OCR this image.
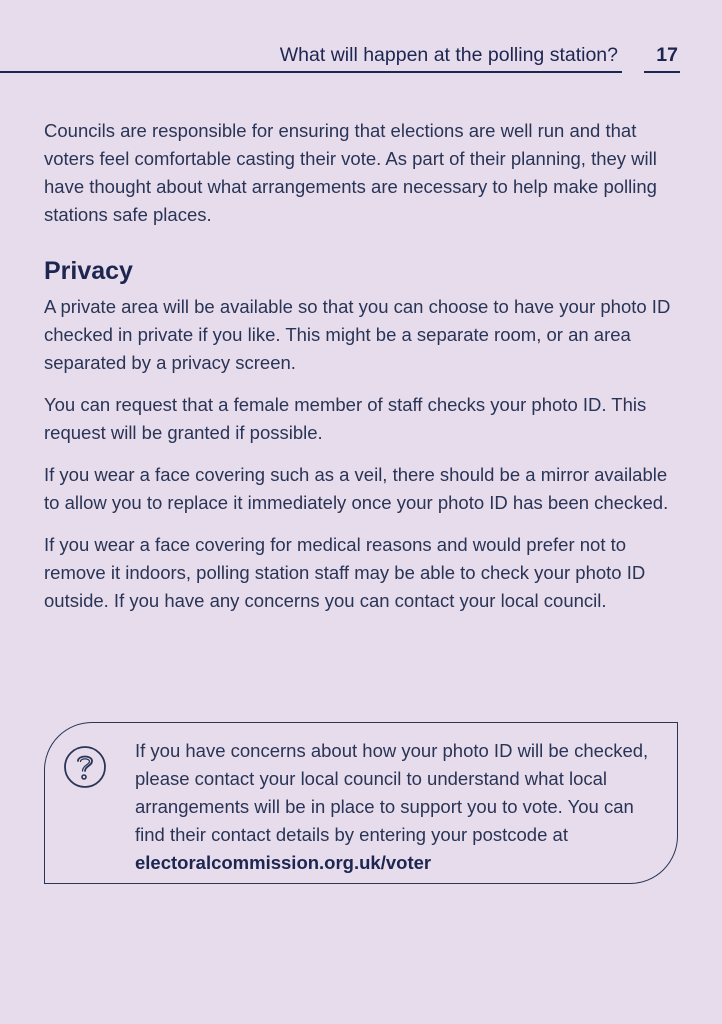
What will happen at the polling station? 17

Councils are responsible for ensuring that elections are well run and that voters feel comfortable casting their vote. As part of their planning, they will have thought about what arrangements are necessary to help make polling stations safe places.

Privacy

A private area will be available so that you can choose to have your photo ID checked in private if you like. This might be a separate room, or an area separated by a privacy screen.

You can request that a female member of staff checks your photo ID. This request will be granted if possible.

If you wear a face covering such as a veil, there should be a mirror available to allow you to replace it immediately once your photo ID has been checked.

If you wear a face covering for medical reasons and would prefer not to remove it indoors, polling station staff may be able to check your photo ID outside. If you have any concerns you can contact your local council.

If you have concerns about how your photo ID will be checked, please contact your local council to understand what local arrangements will be in place to support you to vote. You can find their contact details by entering your postcode at electoralcommission.org.uk/voter
